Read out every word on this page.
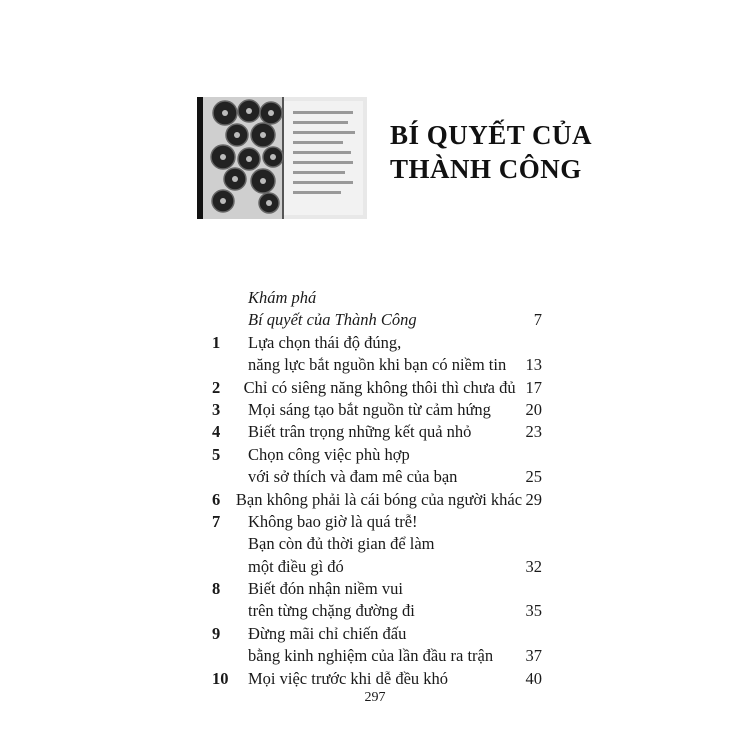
BÍ QUYẾT CỦA
THÀNH CÔNG
Khám phá
Bí quyết của Thành Công	7
1	Lựa chọn thái độ đúng,
năng lực bắt nguồn khi bạn có niềm tin	13
2	Chỉ có siêng năng không thôi thì chưa đủ 17
3	Mọi sáng tạo bắt nguồn từ cảm hứng	20
4	Biết trân trọng những kết quả nhỏ	23
5	Chọn công việc phù hợp
với sở thích và đam mê của bạn	25
6 Bạn không phải là cái bóng của người khác 29
7	Không bao giờ là quá trễ!
Bạn còn đủ thời gian để làm
một điều gì đó	32
8	Biết đón nhận niềm vui
trên từng chặng đường đi	35
9	Đừng mãi chỉ chiến đấu
bằng kinh nghiệm của lần đầu ra trận	37
10	Mọi việc trước khi dễ đều khó	40
297
